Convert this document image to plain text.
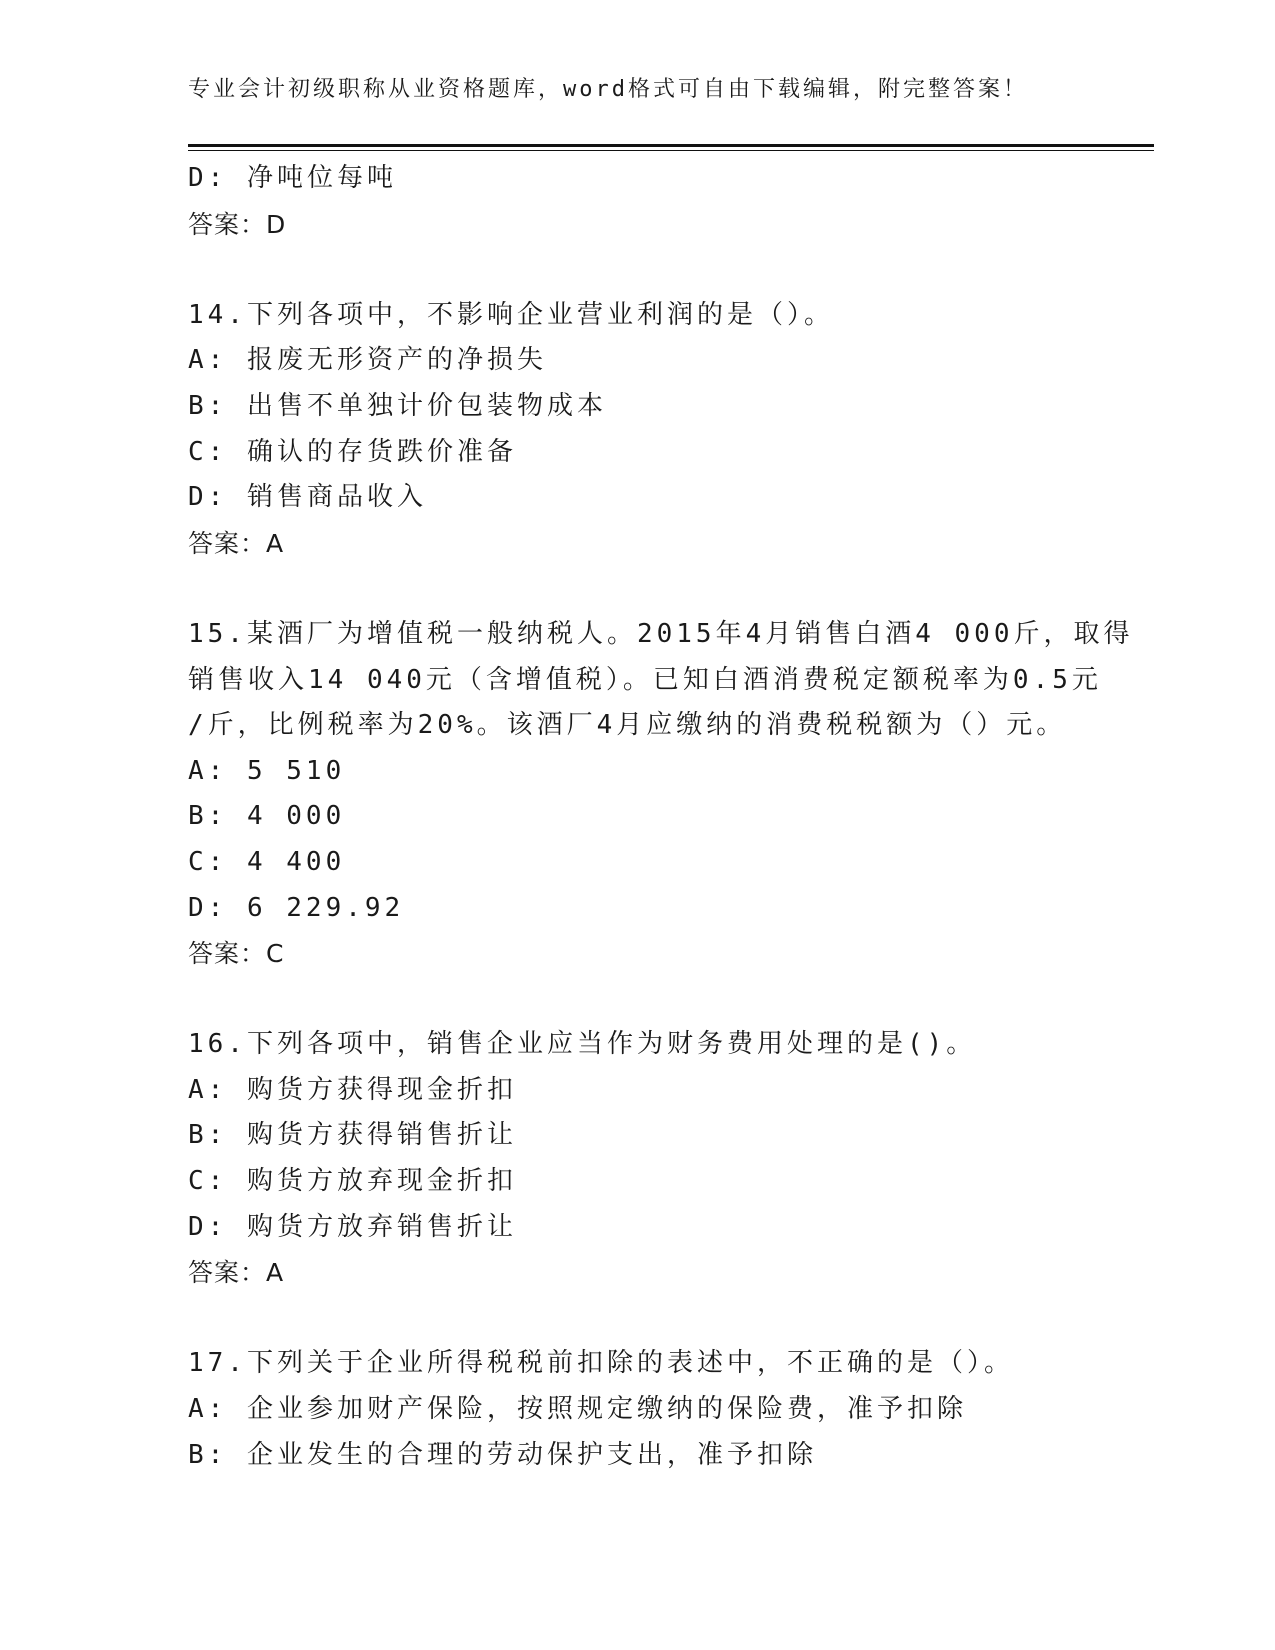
专业会计初级职称从业资格题库，word格式可自由下载编辑，附完整答案！
D: 净吨位每吨
答案：D
14.下列各项中，不影响企业营业利润的是（）。
A: 报废无形资产的净损失
B: 出售不单独计价包装物成本
C: 确认的存货跌价准备
D: 销售商品收入
答案：A
15.某酒厂为增值税一般纳税人。2015年4月销售白酒4 000斤，取得
销售收入14 040元（含增值税）。已知白酒消费税定额税率为0.5元
/斤，比例税率为20%。该酒厂4月应缴纳的消费税税额为（）元。
A: 5 510
B: 4 000
C: 4 400
D: 6 229.92
答案：C
16.下列各项中，销售企业应当作为财务费用处理的是()。
A: 购货方获得现金折扣
B: 购货方获得销售折让
C: 购货方放弃现金折扣
D: 购货方放弃销售折让
答案：A
17.下列关于企业所得税税前扣除的表述中，不正确的是（）。
A: 企业参加财产保险，按照规定缴纳的保险费，准予扣除
B: 企业发生的合理的劳动保护支出，准予扣除
